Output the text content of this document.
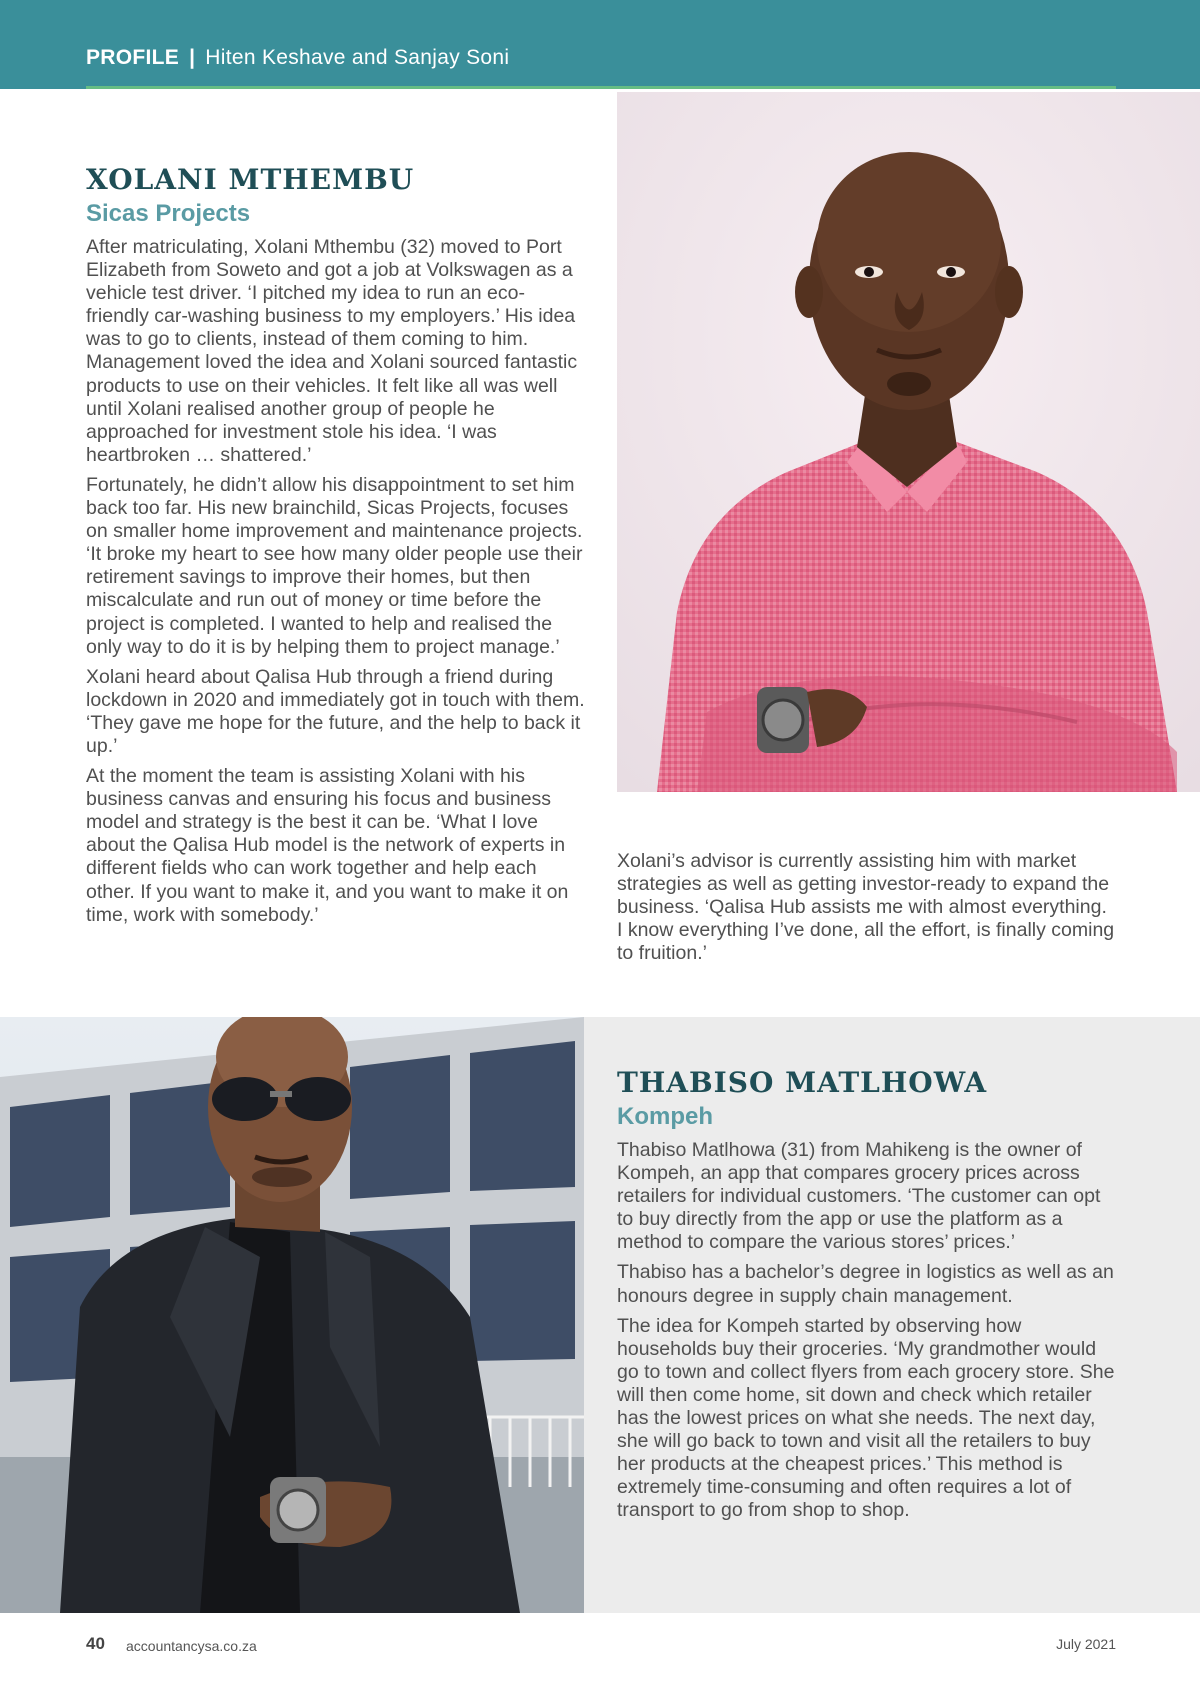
PROFILE | Hiten Keshave and Sanjay Soni
XOLANI MTHEMBU
Sicas Projects

After matriculating, Xolani Mthembu (32) moved to Port Elizabeth from Soweto and got a job at Volkswagen as a vehicle test driver. ‘I pitched my idea to run an eco-friendly car-washing business to my employers.’ His idea was to go to clients, instead of them coming to him. Management loved the idea and Xolani sourced fantastic products to use on their vehicles. It felt like all was well until Xolani realised another group of people he approached for investment stole his idea. ‘I was heartbroken … shattered.’

Fortunately, he didn’t allow his disappointment to set him back too far. His new brainchild, Sicas Projects, focuses on smaller home improvement and maintenance projects. ‘It broke my heart to see how many older people use their retirement savings to improve their homes, but then miscalculate and run out of money or time before the project is completed. I wanted to help and realised the only way to do it is by helping them to project manage.’

Xolani heard about Qalisa Hub through a friend during lockdown in 2020 and immediately got in touch with them. ‘They gave me hope for the future, and the help to back it up.’

At the moment the team is assisting Xolani with his business canvas and ensuring his focus and business model and strategy is the best it can be. ‘What I love about the Qalisa Hub model is the network of experts in different fields who can work together and help each other. If you want to make it, and you want to make it on time, work with somebody.’

Xolani’s advisor is currently assisting him with market strategies as well as getting investor-ready to expand the business. ‘Qalisa Hub assists me with almost everything. I know everything I’ve done, all the effort, is finally coming to fruition.’

THABISO MATLHOWA
Kompeh

Thabiso Matlhowa (31) from Mahikeng is the owner of Kompeh, an app that compares grocery prices across retailers for individual customers. ‘The customer can opt to buy directly from the app or use the platform as a method to compare the various stores’ prices.’

Thabiso has a bachelor’s degree in logistics as well as an honours degree in supply chain management.

The idea for Kompeh started by observing how households buy their groceries. ‘My grandmother would go to town and collect flyers from each grocery store. She will then come home, sit down and check which retailer has the lowest prices on what she needs. The next day, she will go back to town and visit all the retailers to buy her products at the cheapest prices.’ This method is extremely time-consuming and often requires a lot of transport to go from shop to shop.

40 accountancysa.co.za	July 2021
